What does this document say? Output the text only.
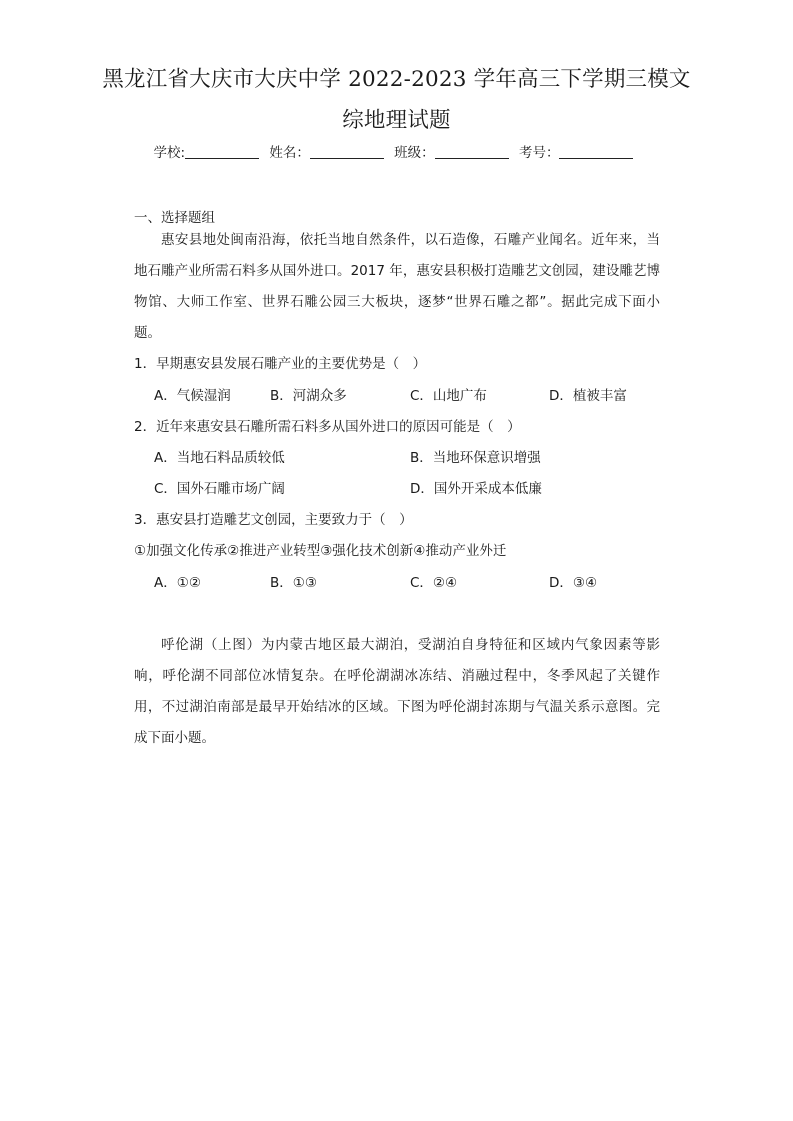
黑龙江省大庆市大庆中学 2022-2023 学年高三下学期三模文
综地理试题
学校:	姓名：	班级：	考号：
一、选择题组
惠安县地处闽南沿海，依托当地自然条件，以石造像，石雕产业闻名。近年来，当地石雕产业所需石料多从国外进口。2017 年，惠安县积极打造雕艺文创园，建设雕艺博物馆、大师工作室、世界石雕公园三大板块，逐梦“世界石雕之都”。据此完成下面小题。
1．早期惠安县发展石雕产业的主要优势是（　）
A．气候湿润	B．河湖众多	C．山地广布	D．植被丰富
2．近年来惠安县石雕所需石料多从国外进口的原因可能是（　）
A．当地石料品质较低	B．当地环保意识增强
C．国外石雕市场广阔	D．国外开采成本低廉
3．惠安县打造雕艺文创园，主要致力于（　）
①加强文化传承②推进产业转型③强化技术创新④推动产业外迁
A．①②	B．①③	C．②④	D．③④
呼伦湖（上图）为内蒙古地区最大湖泊，受湖泊自身特征和区域内气象因素等影响，呼伦湖不同部位冰情复杂。在呼伦湖湖冰冻结、消融过程中，冬季风起了关键作用，不过湖泊南部是最早开始结冰的区域。下图为呼伦湖封冻期与气温关系示意图。完成下面小题。
